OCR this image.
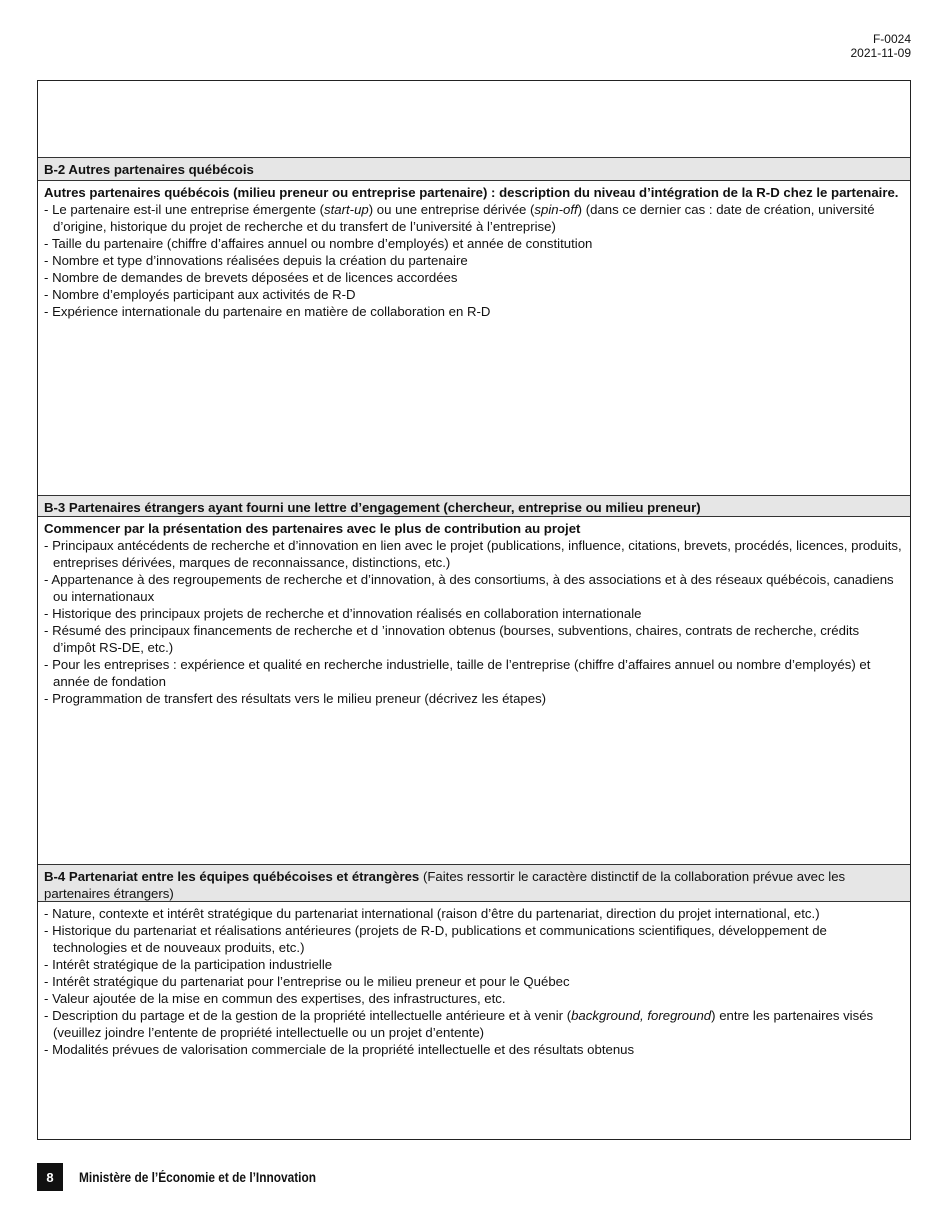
F-0024
2021-11-09
B-2 Autres partenaires québécois

Autres partenaires québécois (milieu preneur ou entreprise partenaire) : description du niveau d’intégration de la R-D chez le partenaire.

- Le partenaire est-il une entreprise émergente (start-up) ou une entreprise dérivée (spin-off) (dans ce dernier cas : date de création, université d’origine, historique du projet de recherche et du transfert de l’université à l’entreprise)
- Taille du partenaire (chiffre d’affaires annuel ou nombre d’employés) et année de constitution
- Nombre et type d’innovations réalisées depuis la création du partenaire
- Nombre de demandes de brevets déposées et de licences accordées
- Nombre d’employés participant aux activités de R-D
- Expérience internationale du partenaire en matière de collaboration en R-D
B-3 Partenaires étrangers ayant fourni une lettre d’engagement (chercheur, entreprise ou milieu preneur)

Commencer par la présentation des partenaires avec le plus de contribution au projet

- Principaux antécédents de recherche et d’innovation en lien avec le projet (publications, influence, citations, brevets, procédés, licences, produits, entreprises dérivées, marques de reconnaissance, distinctions, etc.)
- Appartenance à des regroupements de recherche et d’innovation, à des consortiums, à des associations et à des réseaux québécois, canadiens ou internationaux
- Historique des principaux projets de recherche et d’innovation réalisés en collaboration internationale
- Résumé des principaux financements de recherche et d ’innovation obtenus (bourses, subventions, chaires, contrats de recherche, crédits d’impôt RS-DE, etc.)
- Pour les entreprises : expérience et qualité en recherche industrielle, taille de l’entreprise (chiffre d’affaires annuel ou nombre d’employés) et année de fondation
- Programmation de transfert des résultats vers le milieu preneur (décrivez les étapes)
B-4 Partenariat entre les équipes québécoises et étrangères (Faites ressortir le caractère distinctif de la collaboration prévue avec les partenaires étrangers)
- Nature, contexte et intérêt stratégique du partenariat international (raison d’être du partenariat, direction du projet international, etc.)
- Historique du partenariat et réalisations antérieures (projets de R-D, publications et communications scientifiques, développement de technologies et de nouveaux produits, etc.)
- Intérêt stratégique de la participation industrielle
- Intérêt stratégique du partenariat pour l’entreprise ou le milieu preneur et pour le Québec
- Valeur ajoutée de la mise en commun des expertises, des infrastructures, etc.
- Description du partage et de la gestion de la propriété intellectuelle antérieure et à venir (background, foreground) entre les partenaires visés (veuillez joindre l’entente de propriété intellectuelle ou un projet d’entente)
- Modalités prévues de valorisation commerciale de la propriété intellectuelle et des résultats obtenus
8	Ministère de l’Économie et de l’Innovation
